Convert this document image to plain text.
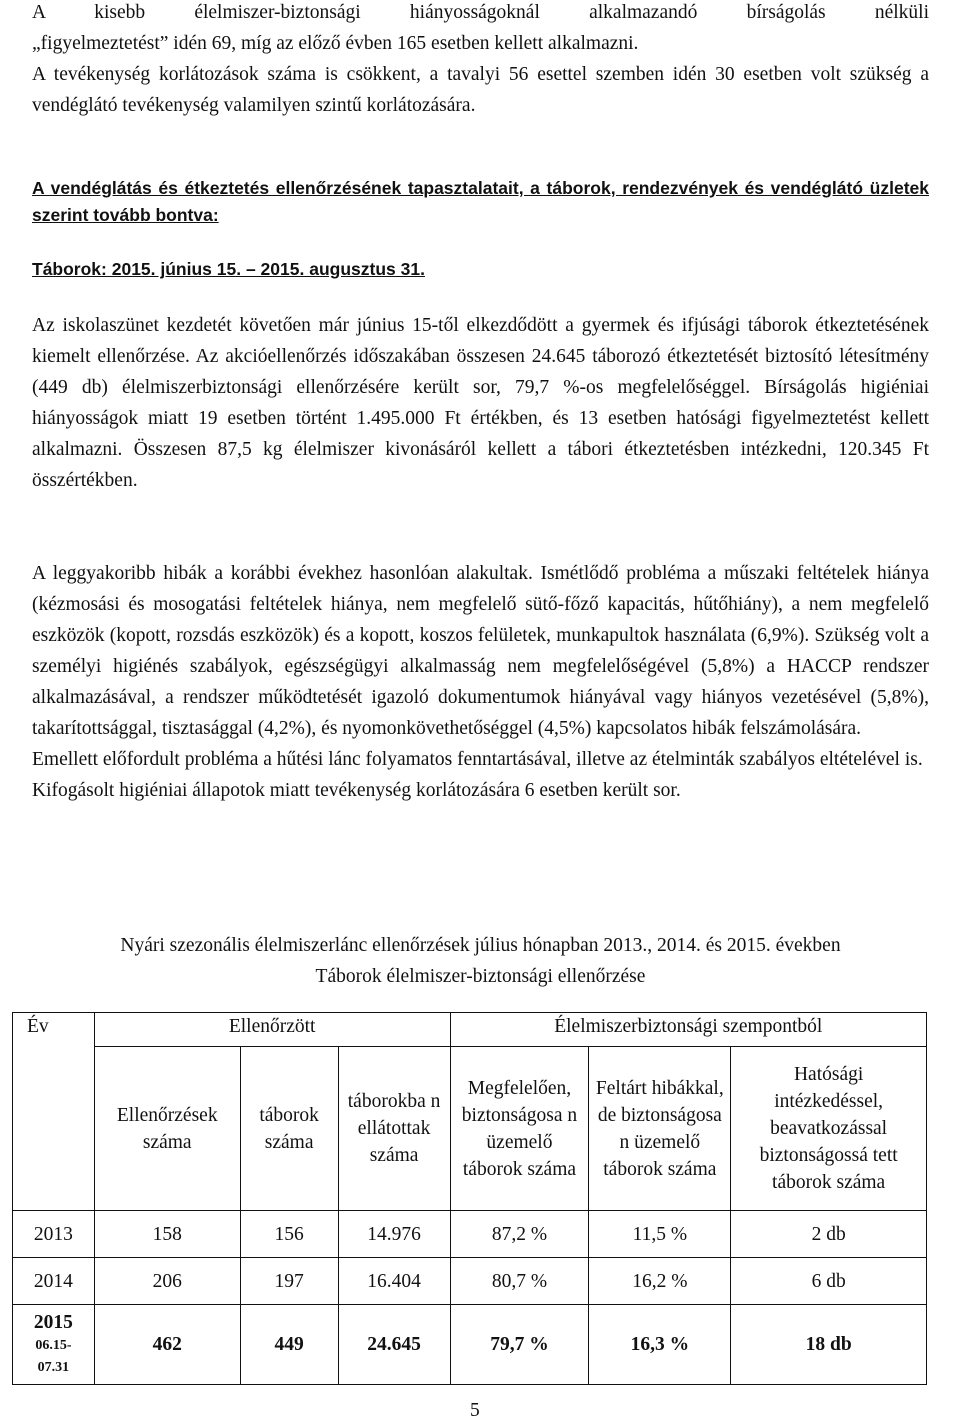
A kisebb élelmiszer-biztonsági hiányosságoknál alkalmazandó bírságolás nélküli

„figyelmeztetést” idén 69, míg az előző évben 165 esetben kellett alkalmazni.

A tevékenység korlátozások száma is csökkent, a tavalyi 56 esettel szemben idén 30 esetben volt szükség a vendéglátó tevékenység valamilyen szintű korlátozására.

A vendéglátás és étkeztetés ellenőrzésének tapasztalatait, a táborok, rendezvények és vendéglátó üzletek szerint tovább bontva:
Táborok: 2015. június 15. – 2015. augusztus 31.

Az iskolaszünet kezdetét követően már június 15-től elkezdődött a gyermek és ifjúsági táborok étkeztetésének kiemelt ellenőrzése. Az akcióellenőrzés időszakában összesen 24.645 táborozó étkeztetését biztosító létesítmény (449 db) élelmiszerbiztonsági ellenőrzésére került sor, 79,7 %-os megfelelőséggel. Bírságolás higiéniai hiányosságok miatt 19 esetben történt 1.495.000 Ft értékben, és 13 esetben hatósági figyelmeztetést kellett alkalmazni. Összesen 87,5 kg élelmiszer kivonásáról kellett a tábori étkeztetésben intézkedni, 120.345 Ft összértékben.

A leggyakoribb hibák a korábbi évekhez hasonlóan alakultak. Ismétlődő probléma a műszaki feltételek hiánya (kézmosási és mosogatási feltételek hiánya, nem megfelelő sütő-főző kapacitás, hűtőhiány), a nem megfelelő eszközök (kopott, rozsdás eszközök) és a kopott, koszos felületek, munkapultok használata (6,9%). Szükség volt a személyi higiénés szabályok, egészségügyi alkalmasság nem megfelelőségével (5,8%) a HACCP rendszer alkalmazásával, a rendszer működtetését igazoló dokumentumok hiányával vagy hiányos vezetésével (5,8%), takarítottsággal, tisztasággal (4,2%), és nyomonkövethetőséggel (4,5%) kapcsolatos hibák felszámolására.

Emellett előfordult probléma a hűtési lánc folyamatos fenntartásával, illetve az ételminták szabályos eltételével is.

Kifogásolt higiéniai állapotok miatt tevékenység korlátozására 6 esetben került sor.

Nyári szezonális élelmiszerlánc ellenőrzések július hónapban 2013., 2014. és 2015. években

Táborok élelmiszer-biztonsági ellenőrzése

Év	Ellenőrzött			Élelmiszerbiztonsági szempontból		
	Ellenőrzések száma	táborok száma	táborokba n ellátottak száma	Megfelelően, biztonságosa n üzemelő táborok száma	Feltárt hibákkal, de biztonságosa n üzemelő táborok száma	Hatósági intézkedéssel, beavatkozással biztonságossá tett táborok száma
2013	158	156	14.976	87,2 %	11,5 %	2 db
2014	206	197	16.404	80,7 %	16,2 %	6 db

2015
06.15-
07.31	462	449	24.645	79,7 %	16,3 %	18 db
5
